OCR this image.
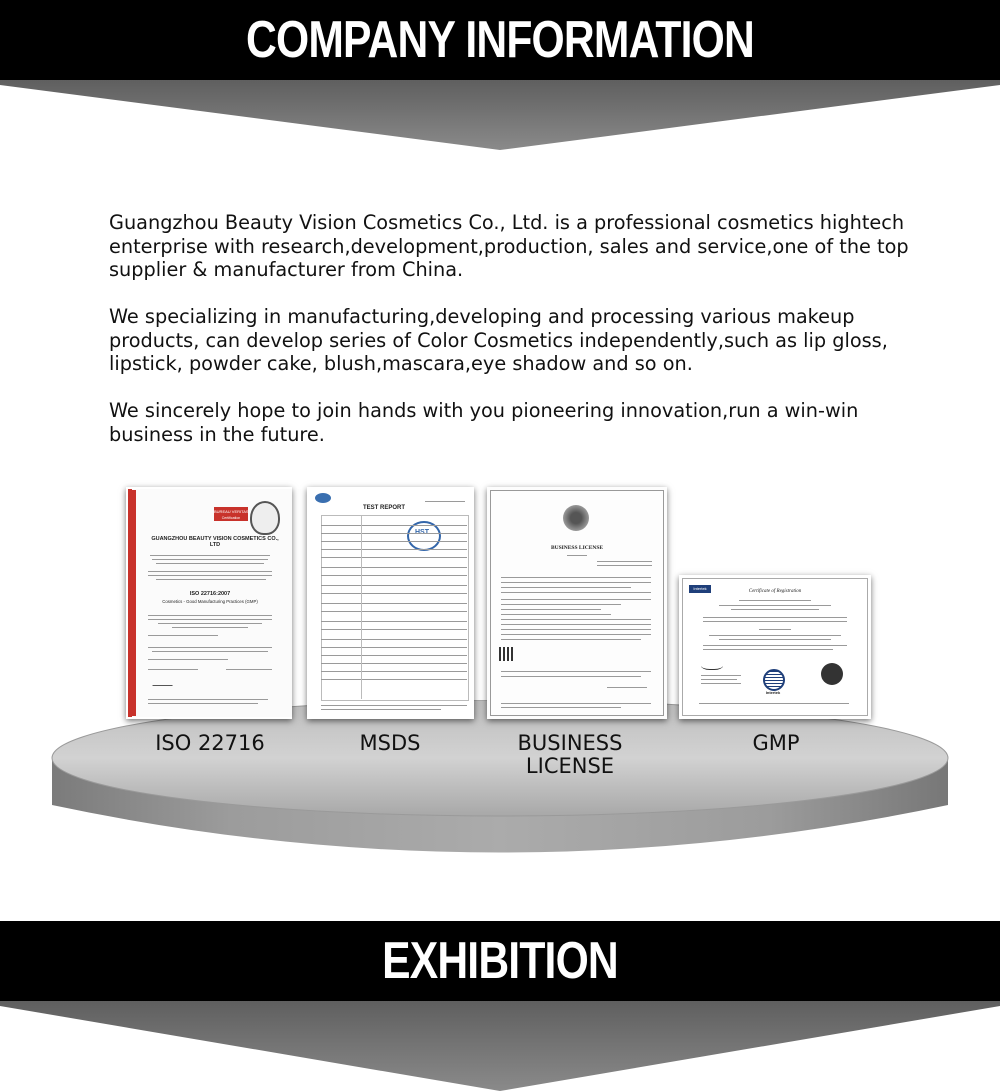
COMPANY INFORMATION

Guangzhou Beauty Vision Cosmetics Co., Ltd. is a professional cosmetics hightech enterprise with research,development,production, sales and service,one of the top supplier & manufacturer from China.

We specializing in manufacturing,developing and processing various makeup products, can develop series of Color Cosmetics independently,such as lip gloss, lipstick, powder cake, blush,mascara,eye shadow and so on.

We sincerely hope to join hands with you pioneering innovation,run a win-win business in the future.

BUREAU VERITAS
Certification
GUANGZHOU BEAUTY VISION COSMETICS CO., LTD
ISO 22716:2007
Cosmetics - Good Manufacturing Practices (GMP)
TEST REPORT
BUSINESS LICENSE
Intertek
Certificate of Registration
Intertek
ISO 22716	MSDS	BUSINESS
LICENSE
GMP
EXHIBITION
